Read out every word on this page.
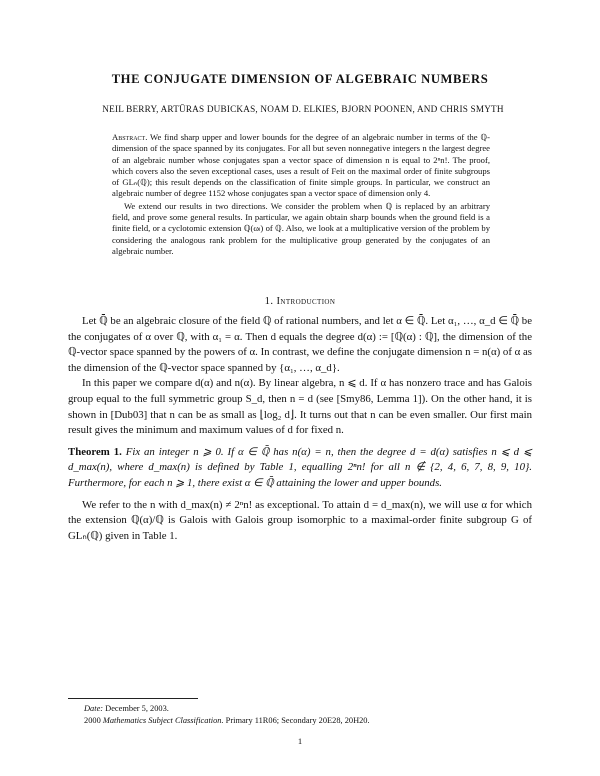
THE CONJUGATE DIMENSION OF ALGEBRAIC NUMBERS
NEIL BERRY, ARTŪRAS DUBICKAS, NOAM D. ELKIES, BJORN POONEN, AND CHRIS SMYTH

Abstract. We find sharp upper and lower bounds for the degree of an algebraic number in terms of the ℚ-dimension of the space spanned by its conjugates. For all but seven nonnegative integers n the largest degree of an algebraic number whose conjugates span a vector space of dimension n is equal to 2ⁿn!. The proof, which covers also the seven exceptional cases, uses a result of Feit on the maximal order of finite subgroups of GLₙ(ℚ); this result depends on the classification of finite simple groups. In particular, we construct an algebraic number of degree 1152 whose conjugates span a vector space of dimension only 4.

We extend our results in two directions. We consider the problem when ℚ is replaced by an arbitrary field, and prove some general results. In particular, we again obtain sharp bounds when the ground field is a finite field, or a cyclotomic extension ℚ(ωₗ) of ℚ. Also, we look at a multiplicative version of the problem by considering the analogous rank problem for the multiplicative group generated by the conjugates of an algebraic number.

1. Introduction

Let ℚ̄ be an algebraic closure of the field ℚ of rational numbers, and let α ∈ ℚ̄. Let α₁, …, α_d ∈ ℚ̄ be the conjugates of α over ℚ, with α₁ = α. Then d equals the degree d(α) := [ℚ(α) : ℚ], the dimension of the ℚ-vector space spanned by the powers of α. In contrast, we define the conjugate dimension n = n(α) of α as the dimension of the ℚ-vector space spanned by {α₁, …, α_d}.

In this paper we compare d(α) and n(α). By linear algebra, n ⩽ d. If α has nonzero trace and has Galois group equal to the full symmetric group S_d, then n = d (see [Smy86, Lemma 1]). On the other hand, it is shown in [Dub03] that n can be as small as ⌊log₂ d⌋. It turns out that n can be even smaller. Our first main result gives the minimum and maximum values of d for fixed n.

Theorem 1. Fix an integer n ⩾ 0. If α ∈ ℚ̄ has n(α) = n, then the degree d = d(α) satisfies n ⩽ d ⩽ d_max(n), where d_max(n) is defined by Table 1, equalling 2ⁿn! for all n ∉ {2, 4, 6, 7, 8, 9, 10}. Furthermore, for each n ⩾ 1, there exist α ∈ ℚ̄ attaining the lower and upper bounds.

We refer to the n with d_max(n) ≠ 2ⁿn! as exceptional. To attain d = d_max(n), we will use α for which the extension ℚ(α)/ℚ is Galois with Galois group isomorphic to a maximal-order finite subgroup G of GLₙ(ℚ) given in Table 1.

Date: December 5, 2003.
2000 Mathematics Subject Classification. Primary 11R06; Secondary 20E28, 20H20.
1
